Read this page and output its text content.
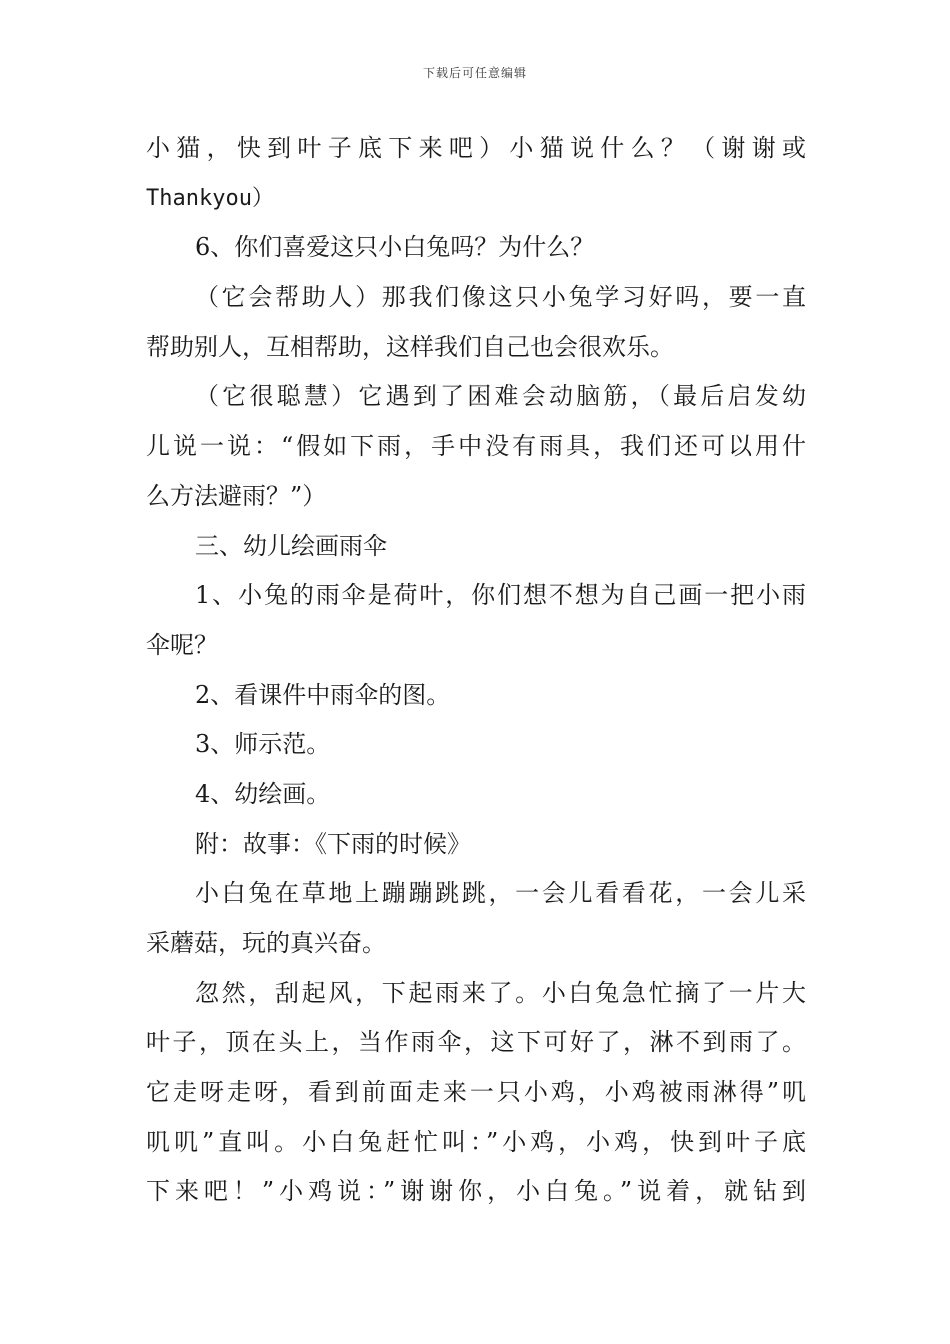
下载后可任意编辑
小猫，快到叶子底下来吧）小猫说什么？（谢谢或
Thankyou）
6、你们喜爱这只小白兔吗？为什么？
（它会帮助人）那我们像这只小兔学习好吗，要一直
帮助别人，互相帮助，这样我们自己也会很欢乐。
（它很聪慧）它遇到了困难会动脑筋，（最后启发幼
儿说一说：“假如下雨，手中没有雨具，我们还可以用什
么方法避雨？”）
三、幼儿绘画雨伞
1、小兔的雨伞是荷叶，你们想不想为自己画一把小雨
伞呢？
2、看课件中雨伞的图。
3、师示范。
4、幼绘画。
附：故事：《下雨的时候》
小白兔在草地上蹦蹦跳跳，一会儿看看花，一会儿采
采蘑菇，玩的真兴奋。
忽然，刮起风，下起雨来了。小白兔急忙摘了一片大
叶子，顶在头上，当作雨伞，这下可好了，淋不到雨了。
它走呀走呀，看到前面走来一只小鸡，小鸡被雨淋得”叽
叽叽”直叫。小白兔赶忙叫：”小鸡，小鸡，快到叶子底
下来吧！”小鸡说：”谢谢你，小白兔。”说着，就钻到
